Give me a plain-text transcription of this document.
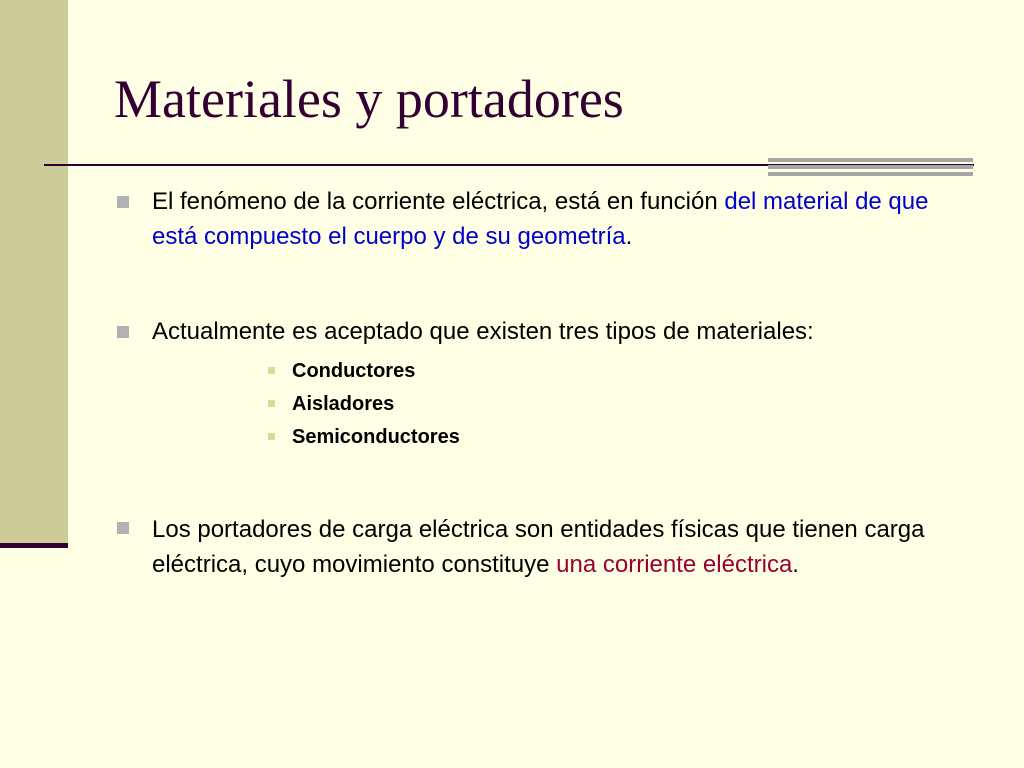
Materiales y portadores

El fenómeno de la corriente eléctrica, está en función del material de que está compuesto el cuerpo y de su geometría.

Actualmente es aceptado que existen tres tipos de materiales:

Conductores

Aisladores

Semiconductores

Los portadores de carga eléctrica son entidades físicas que tienen carga eléctrica, cuyo movimiento constituye una corriente eléctrica.
